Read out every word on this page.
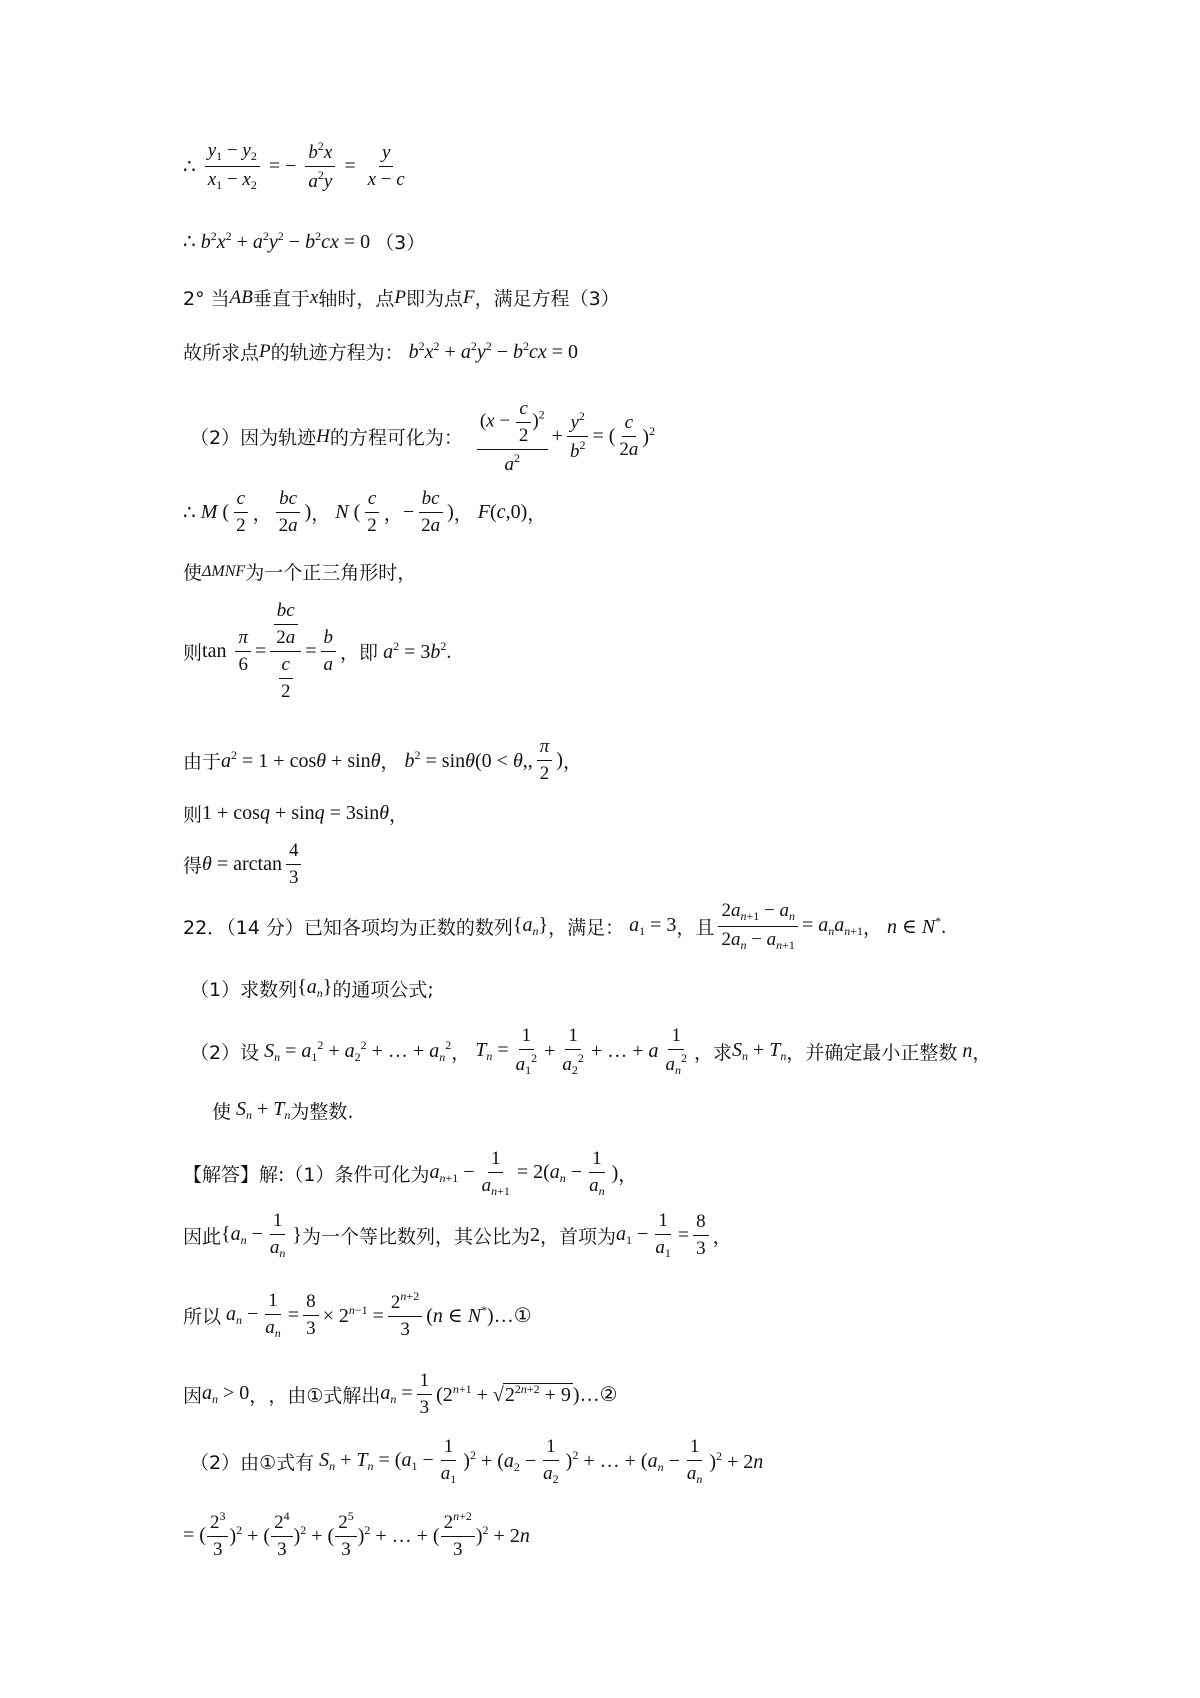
∴ $\frac{y_1 - y_2}{x_1 - x_2}$ = − $\frac{b^2x}{a^2y} = \frac{y}{x - c}$
∴ $b^2x^2 + a^2y^2 - b^2cx = 0$ （3）
2° 当 AB 垂直于 x 轴时，点 P 即为点 F ，满足方程（3）
故所求点 P 的轨迹方程为： $b^2x^2 + a^2y^2 - b^2cx = 0$
（2）因为轨迹 H 的方程可化为： $\frac{(x - \frac{c}{2} )^2}{a^2} + \frac{y^2}{b^2}$ = ( $\frac{c}{2a} )^2$
∴ M ( $\frac{c}{2}$ ， $\frac{bc}{2a}$ ) ， N ( $\frac{c}{2}$ ， − $\frac{bc}{2a}$ ) ， F(c,0) ，
使 ΔMNF 为一个正三角形时，
则 $\tan \frac{\pi}{6} = \frac{\frac{bc}{2a}}{\frac{c}{2}} = \frac{b}{a}$ ，即 $a^2 = 3b^2$.
由于 $a^2 = 1 + \cos\theta + \sin\theta$ ， $b^2 = \sin\theta(0 < \theta$,, $\frac{\pi}{2}$ ) ，
则 1 + cosq + sinq = 3sinθ ，
得 $\theta = \arctan \frac{4}{3}$
22．（14 分）已知各项均为正数的数列 $\{a_n\}$ ，满足： $a_1 = 3$ ，且 $\frac{2a_{n+1} - a_n}{2a_n - a_{n+1}} = a_na_{n+1}$ ， n ∈ N*.
（1）求数列 $\{a_n\}$ 的通项公式;
（2）设 $S_n = a_1^2 + a_2^2$ + … + $a_n^2$ ， $T_n = \frac{1}{a_1^2} + \frac{1}{a_2^2}$ + … + a $\frac{1}{a_n^2}$ ，求 $S_n + T_n$ ，并确定最小正整数 n ，
使 $S_n + T_n$ 为整数.
【解答】解:（1）条件可化为 $a_{n+1} - \frac{1}{a_{n+1}} = 2(a_n - \frac{1}{a_n}$ ) ，
因此 {$a_n - \frac{1}{a_n}$ } 为一个等比数列，其公比为 2 ，首项为 $a_1 - \frac{1}{a_1} = \frac{8}{3}$ ，
所以 $a_n - \frac{1}{a_n} = \frac{8}{3} \times 2^{n-1} = \frac{2^{n+2}}{3} (n$ ∈ N*)…①
因 $a_n > 0$ ， ，由①式解出 $a_n = \frac{1}{3} (2^{n+1} + √2^{2n+2} + 9$ )…②
（2）由①式有 $S_n + T_n = (a_1 - \frac{1}{a_1} )^2 + (a_2 - \frac{1}{a_2} )^2$ + … + $(a_n - \frac{1}{a_n} )^2 + 2n$
= ( $\frac{2^3}{3} )^2$ + ( $\frac{2^4}{3} )^2$ + ( $\frac{2^5}{3} )^2$ + … + ( $\frac{2^{n+2}}{3} )^2 + 2n$
